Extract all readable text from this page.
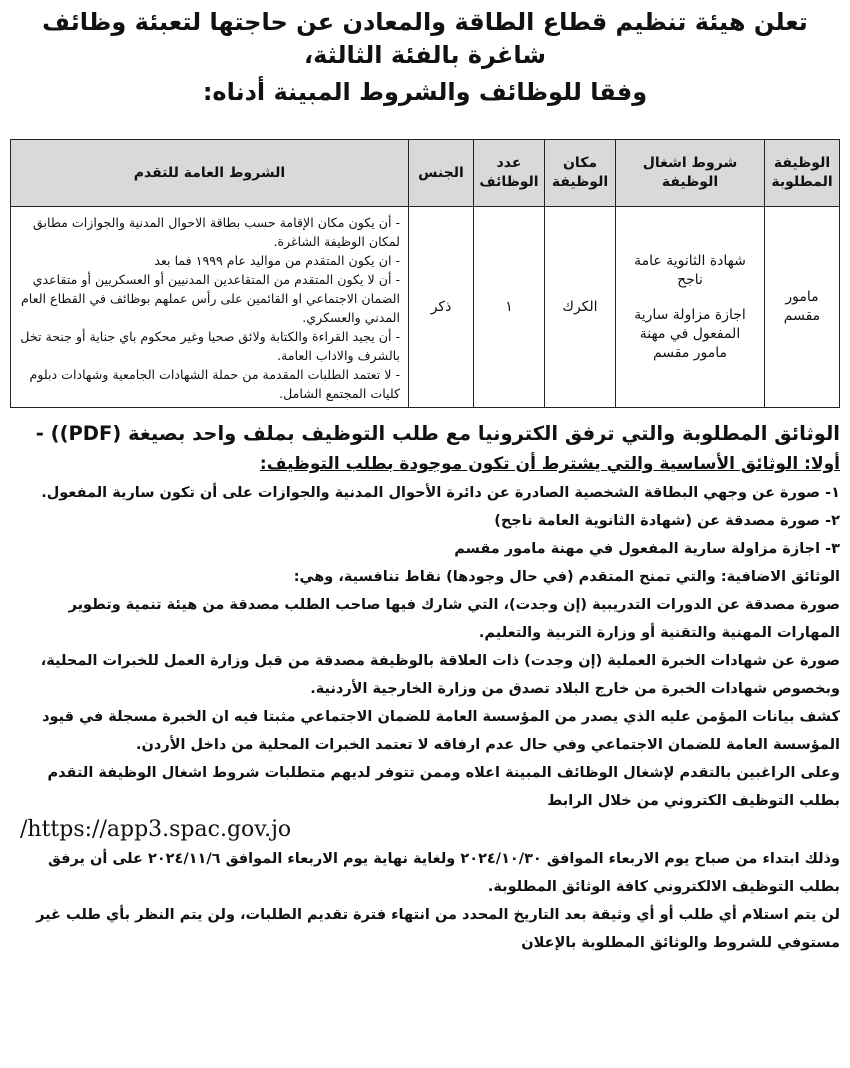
تعلن هيئة تنظيم قطاع الطاقة والمعادن عن حاجتها لتعبئة وظائف شاغرة بالفئة الثالثة،
وفقا للوظائف والشروط المبينة أدناه:
الوظيفة المطلوبة	شروط اشغال الوظيفة	مكان الوظيفة	عدد الوظائف	الجنس	الشروط العامة للتقدم
مامور مقسم	شهادة الثانوية عامة ناجح
اجازة مزاولة سارية المفعول في مهنة مامور مقسم	الكرك	١	ذكر	- أن يكون مكان الإقامة حسب بطاقة الاحوال المدنية والجوازات مطابق لمكان الوظيفة الشاغرة.
- ان يكون المتقدم من مواليد عام ١٩٩٩ فما بعد
- أن لا يكون المتقدم من المتقاعدين المدنيين أو العسكريين أو متقاعدي الضمان الاجتماعي او القائمين على رأس عملهم بوظائف في القطاع العام المدني والعسكري.
- أن يجيد القراءة والكتابة ولائق صحيا وغير محكوم باي جناية أو جنحة تخل بالشرف والاداب العامة.
- لا تعتمد الطلبات المقدمة من حملة الشهادات الجامعية وشهادات دبلوم كليات المجتمع الشامل.
الوثائق المطلوبة والتي ترفق الكترونيا مع طلب التوظيف بملف واحد بصيغة (PDF)) -
أولا: الوثائق الأساسية والتي يشترط أن تكون موجودة بطلب التوظيف:

١- صورة عن وجهي البطاقة الشخصية الصادرة عن دائرة الأحوال المدنية والجوازات على أن تكون سارية المفعول.

٢- صورة مصدقة عن (شهادة الثانوية العامة ناجح)

٣- اجازة مزاولة سارية المفعول في مهنة مامور مقسم

الوثائق الاضافية: والتي تمنح المتقدم (في حال وجودها) نقاط تنافسية، وهي:

صورة مصدقة عن الدورات التدريبية (إن وجدت)، التي شارك فيها صاحب الطلب مصدقة من هيئة تنمية وتطوير المهارات المهنية والتقنية أو وزارة التربية والتعليم.

صورة عن شهادات الخبرة العملية (إن وجدت) ذات العلاقة بالوظيفة مصدقة من قبل وزارة العمل للخبرات المحلية، وبخصوص شهادات الخبرة من خارج البلاد تصدق من وزارة الخارجية الأردنية.

كشف بيانات المؤمن عليه الذي يصدر من المؤسسة العامة للضمان الاجتماعي مثبتا فيه ان الخبرة مسجلة في قيود المؤسسة العامة للضمان الاجتماعي وفي حال عدم ارفاقه لا تعتمد الخبرات المحلية من داخل الأردن.

وعلى الراغبين بالتقدم لإشغال الوظائف المبينة اعلاه وممن تتوفر لديهم متطلبات شروط اشغال الوظيفة التقدم بطلب التوظيف الكتروني من خلال الرابط

/https://app3.spac.gov.jo

وذلك ابتداء من صباح يوم الاربعاء الموافق ٢٠٢٤/١٠/٣٠ ولغاية نهاية يوم الاربعاء الموافق ٢٠٢٤/١١/٦ على أن يرفق بطلب التوظيف الالكتروني كافة الوثائق المطلوبة.

لن يتم استلام أي طلب أو أي وثيقة بعد التاريخ المحدد من انتهاء فترة تقديم الطلبات، ولن يتم النظر بأي طلب غير مستوفي للشروط والوثائق المطلوبة بالإعلان
